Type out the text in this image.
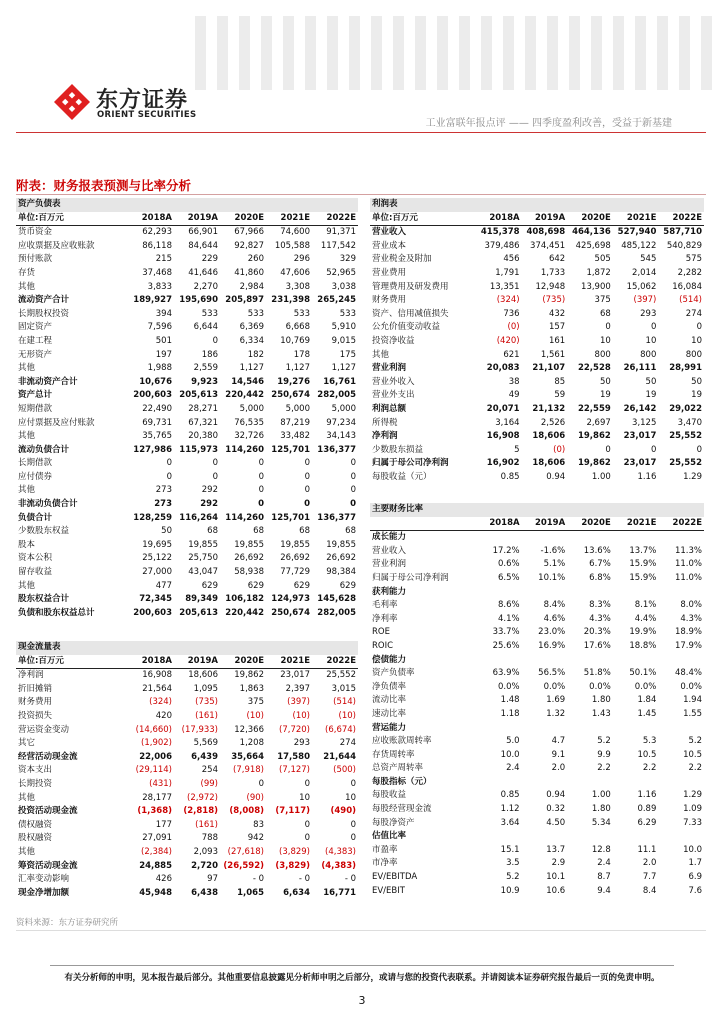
东方证券
ORIENT SECURITIES
工业富联年报点评 —— 四季度盈利改善，受益于新基建
附表：财务报表预测与比率分析
资产负债表					
单位:百万元	2018A	2019A	2020E	2021E	2022E
货币资金	62,293	66,901	67,966	74,600	91,371
应收票据及应收账款	86,118	84,644	92,827	105,588	117,542
预付账款	215	229	260	296	329
存货	37,468	41,646	41,860	47,606	52,965
其他	3,833	2,270	2,984	3,308	3,038
流动资产合计	189,927	195,690	205,897	231,398	265,245
长期股权投资	394	533	533	533	533
固定资产	7,596	6,644	6,369	6,668	5,910
在建工程	501	0	6,334	10,769	9,015
无形资产	197	186	182	178	175
其他	1,988	2,559	1,127	1,127	1,127
非流动资产合计	10,676	9,923	14,546	19,276	16,761
资产总计	200,603	205,613	220,442	250,674	282,005
短期借款	22,490	28,271	5,000	5,000	5,000
应付票据及应付账款	69,731	67,321	76,535	87,219	97,234
其他	35,765	20,380	32,726	33,482	34,143
流动负债合计	127,986	115,973	114,260	125,701	136,377
长期借款	0	0	0	0	0
应付债券	0	0	0	0	0
其他	273	292	0	0	0
非流动负债合计	273	292	0	0	0
负债合计	128,259	116,264	114,260	125,701	136,377
少数股东权益	50	68	68	68	68
股本	19,695	19,855	19,855	19,855	19,855
资本公积	25,122	25,750	26,692	26,692	26,692
留存收益	27,000	43,047	58,938	77,729	98,384
其他	477	629	629	629	629
股东权益合计	72,345	89,349	106,182	124,973	145,628
负债和股东权益总计	200,603	205,613	220,442	250,674	282,005
现金流量表					
单位:百万元	2018A	2019A	2020E	2021E	2022E
净利润	16,908	18,606	19,862	23,017	25,552
折旧摊销	21,564	1,095	1,863	2,397	3,015
财务费用	(324)	(735)	375	(397)	(514)
投资损失	420	(161)	(10)	(10)	(10)
营运资金变动	(14,660)	(17,933)	12,366	(7,720)	(6,674)
其它	(1,902)	5,569	1,208	293	274
经营活动现金流	22,006	6,439	35,664	17,580	21,644
资本支出	(29,114)	254	(7,918)	(7,127)	(500)
长期投资	(431)	(99)	0	0	0
其他	28,177	(2,972)	(90)	10	10
投资活动现金流	(1,368)	(2,818)	(8,008)	(7,117)	(490)
债权融资	177	(161)	83	0	0
股权融资	27,091	788	942	0	0
其他	(2,384)	2,093	(27,618)	(3,829)	(4,383)
筹资活动现金流	24,885	2,720	(26,592)	(3,829)	(4,383)
汇率变动影响	426	97	- 0	- 0	- 0
现金净增加额	45,948	6,438	1,065	6,634	16,771
利润表					
单位:百万元	2018A	2019A	2020E	2021E	2022E
营业收入	415,378	408,698	464,136	527,940	587,710
营业成本	379,486	374,451	425,698	485,122	540,829
营业税金及附加	456	642	505	545	575
营业费用	1,791	1,733	1,872	2,014	2,282
管理费用及研发费用	13,351	12,948	13,900	15,062	16,084
财务费用	(324)	(735)	375	(397)	(514)
资产、信用减值损失	736	432	68	293	274
公允价值变动收益	(0)	157	0	0	0
投资净收益	(420)	161	10	10	10
其他	621	1,561	800	800	800
营业利润	20,083	21,107	22,528	26,111	28,991
营业外收入	38	85	50	50	50
营业外支出	49	59	19	19	19
利润总额	20,071	21,132	22,559	26,142	29,022
所得税	3,164	2,526	2,697	3,125	3,470
净利润	16,908	18,606	19,862	23,017	25,552
少数股东损益	5	(0)	0	0	0
归属于母公司净利润	16,902	18,606	19,862	23,017	25,552
每股收益（元）	0.85	0.94	1.00	1.16	1.29
主要财务比率					
	2018A	2019A	2020E	2021E	2022E
成长能力					
营业收入	17.2%	-1.6%	13.6%	13.7%	11.3%
营业利润	0.6%	5.1%	6.7%	15.9%	11.0%
归属于母公司净利润	6.5%	10.1%	6.8%	15.9%	11.0%
获利能力					
毛利率	8.6%	8.4%	8.3%	8.1%	8.0%
净利率	4.1%	4.6%	4.3%	4.4%	4.3%
ROE	33.7%	23.0%	20.3%	19.9%	18.9%
ROIC	25.6%	16.9%	17.6%	18.8%	17.9%
偿债能力					
资产负债率	63.9%	56.5%	51.8%	50.1%	48.4%
净负债率	0.0%	0.0%	0.0%	0.0%	0.0%
流动比率	1.48	1.69	1.80	1.84	1.94
速动比率	1.18	1.32	1.43	1.45	1.55
营运能力					
应收账款周转率	5.0	4.7	5.2	5.3	5.2
存货周转率	10.0	9.1	9.9	10.5	10.5
总资产周转率	2.4	2.0	2.2	2.2	2.2
每股指标（元）					
每股收益	0.85	0.94	1.00	1.16	1.29
每股经营现金流	1.12	0.32	1.80	0.89	1.09
每股净资产	3.64	4.50	5.34	6.29	7.33
估值比率					
市盈率	15.1	13.7	12.8	11.1	10.0
市净率	3.5	2.9	2.4	2.0	1.7
EV/EBITDA	5.2	10.1	8.7	7.7	6.9
EV/EBIT	10.9	10.6	9.4	8.4	7.6
资料来源：东方证券研究所
有关分析师的申明，见本报告最后部分。其他重要信息披露见分析师申明之后部分，或请与您的投资代表联系。并请阅读本证券研究报告最后一页的免责申明。
3
